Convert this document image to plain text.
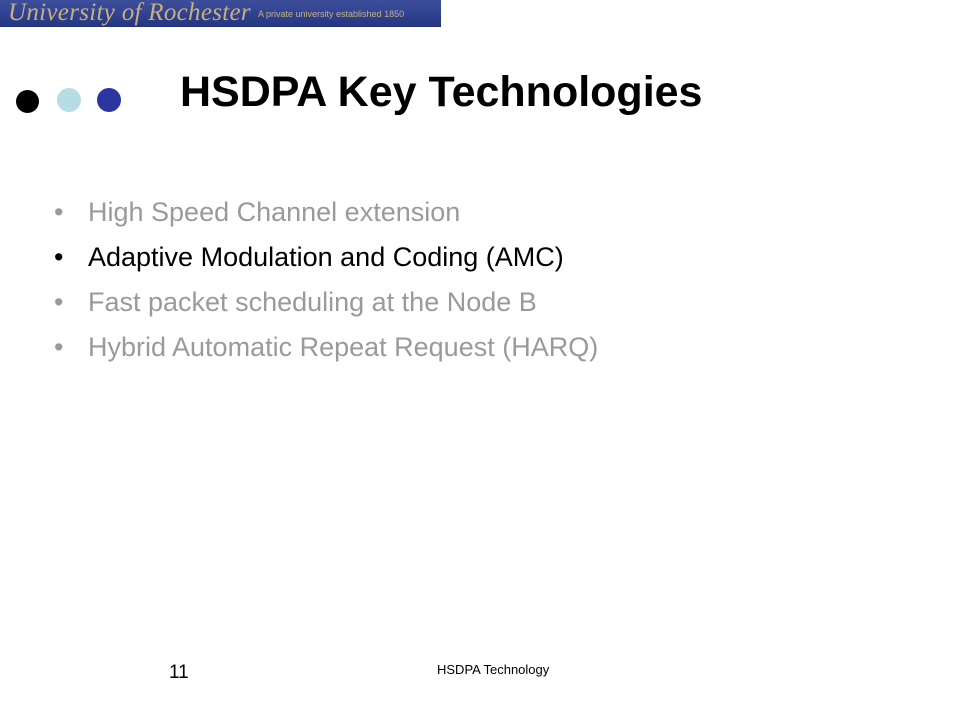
University of Rochester A private university established 1850
HSDPA Key Technologies
• High Speed Channel extension
• Adaptive Modulation and Coding (AMC)
• Fast packet scheduling at the Node B
• Hybrid Automatic Repeat Request (HARQ)
11	HSDPA Technology
